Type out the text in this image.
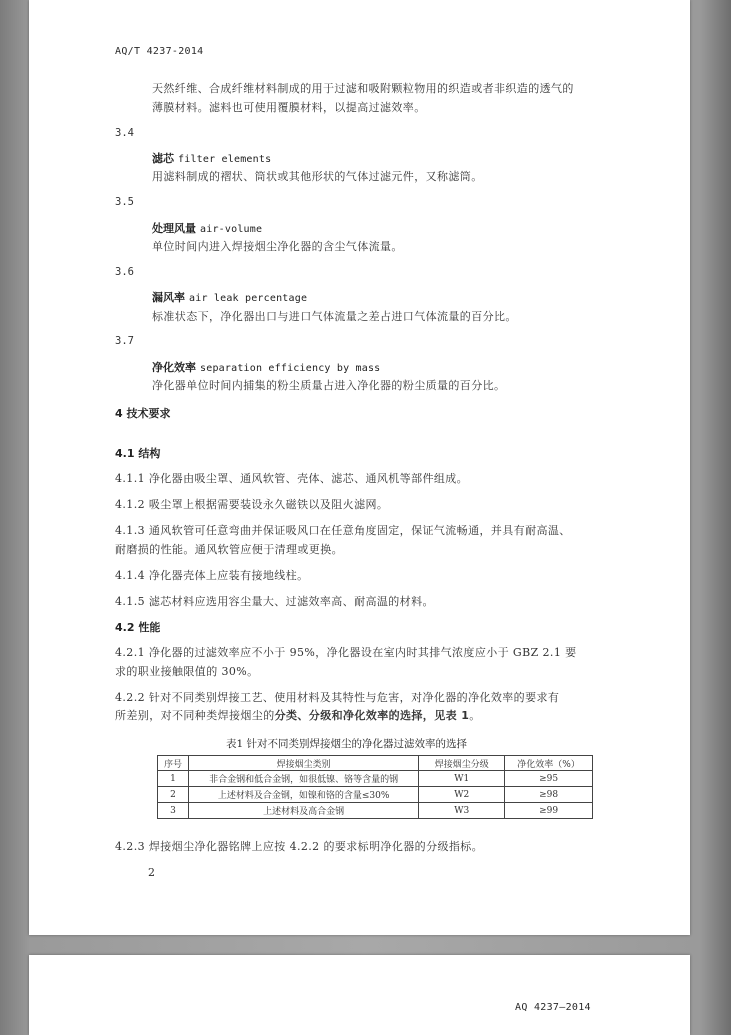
AQ/T 4237-2014
天然纤维、合成纤维材料制成的用于过滤和吸附颗粒物用的织造或者非织造的透气的
薄膜材料。滤料也可使用覆膜材料，以提高过滤效率。
3.4
滤芯 filter elements
用滤料制成的褶状、筒状或其他形状的气体过滤元件，又称滤筒。
3.5
处理风量 air-volume
单位时间内进入焊接烟尘净化器的含尘气体流量。
3.6
漏风率 air leak percentage
标准状态下，净化器出口与进口气体流量之差占进口气体流量的百分比。
3.7
净化效率 separation efficiency by mass
净化器单位时间内捕集的粉尘质量占进入净化器的粉尘质量的百分比。
4 技术要求
4.1 结构
4.1.1 净化器由吸尘罩、通风软管、壳体、滤芯、通风机等部件组成。
4.1.2 吸尘罩上根据需要装设永久磁铁以及阻火滤网。
4.1.3 通风软管可任意弯曲并保证吸风口在任意角度固定，保证气流畅通，并具有耐高温、
耐磨损的性能。通风软管应便于清理或更换。
4.1.4 净化器壳体上应装有接地线柱。
4.1.5 滤芯材料应选用容尘量大、过滤效率高、耐高温的材料。
4.2 性能
4.2.1 净化器的过滤效率应不小于 95%，净化器设在室内时其排气浓度应小于 GBZ 2.1 要
求的职业接触限值的 30%。
4.2.2 针对不同类别焊接工艺、使用材料及其特性与危害，对净化器的净化效率的要求有
所差别，对不同种类焊接烟尘的分类、分级和净化效率的选择，见表 1。
表1 针对不同类别焊接烟尘的净化器过滤效率的选择
序号	焊接烟尘类别	焊接烟尘分级	净化效率（%）
1	非合金钢和低合金钢，如很低镍、铬等含量的钢	W1	≥95
2	上述材料及合金钢，如镍和铬的含量≤30%	W2	≥98
3	上述材料及高合金钢	W3	≥99
4.2.3 焊接烟尘净化器铭牌上应按 4.2.2 的要求标明净化器的分级指标。
2
AQ 4237—2014
